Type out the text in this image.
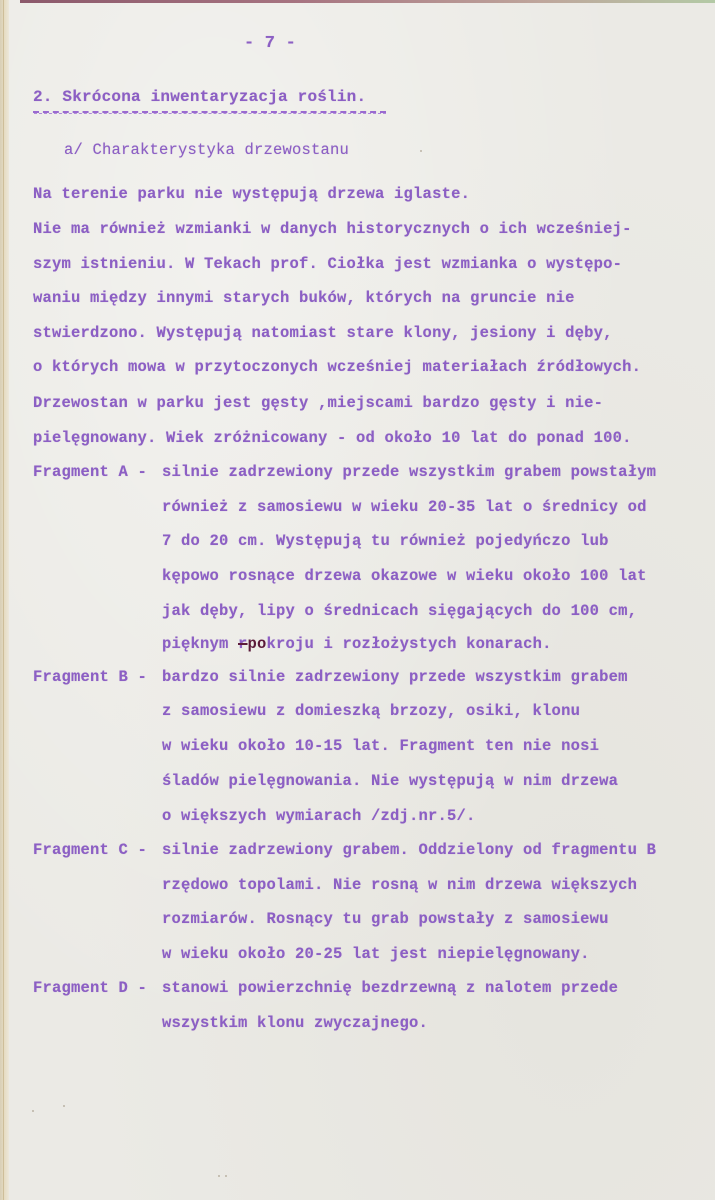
- 7 -
2. Skrócona inwentaryzacja roślin.
a/ Charakterystyka drzewostanu
Na terenie parku nie występują drzewa iglaste.
Nie ma również wzmianki w danych historycznych o ich wcześniej-
szym istnieniu. W Tekach prof. Ciołka jest wzmianka o występo-
waniu między innymi starych buków, których na gruncie nie
stwierdzono. Występują natomiast stare klony, jesiony i dęby,
o których mowa w przytoczonych wcześniej materiałach źródłowych.
Drzewostan w parku jest gęsty ,miejscami bardzo gęsty i nie-
pielęgnowany. Wiek zróżnicowany - od około 10 lat do ponad 100.
Fragment A - silnie zadrzewiony przede wszystkim grabem powstałym
również z samosiewu w wieku 20-35 lat o średnicy od
7 do 20 cm. Występują tu również pojedyńczo lub
kępowo rosnące drzewa okazowe w wieku około 100 lat
jak dęby, lipy o średnicach sięgających do 100 cm,
pięknym rpokroju i rozłożystych konarach.
Fragment B - bardzo silnie zadrzewiony przede wszystkim grabem
z samosiewu z domieszką brzozy, osiki, klonu
w wieku około 10-15 lat. Fragment ten nie nosi
śladów pielęgnowania. Nie występują w nim drzewa
o większych wymiarach /zdj.nr.5/.
Fragment C - silnie zadrzewiony grabem. Oddzielony od fragmentu B
rzędowo topolami. Nie rosną w nim drzewa większych
rozmiarów. Rosnący tu grab powstały z samosiewu
w wieku około 20-25 lat jest niepielęgnowany.
Fragment D - stanowi powierzchnię bezdrzewną z nalotem przede
wszystkim klonu zwyczajnego.
